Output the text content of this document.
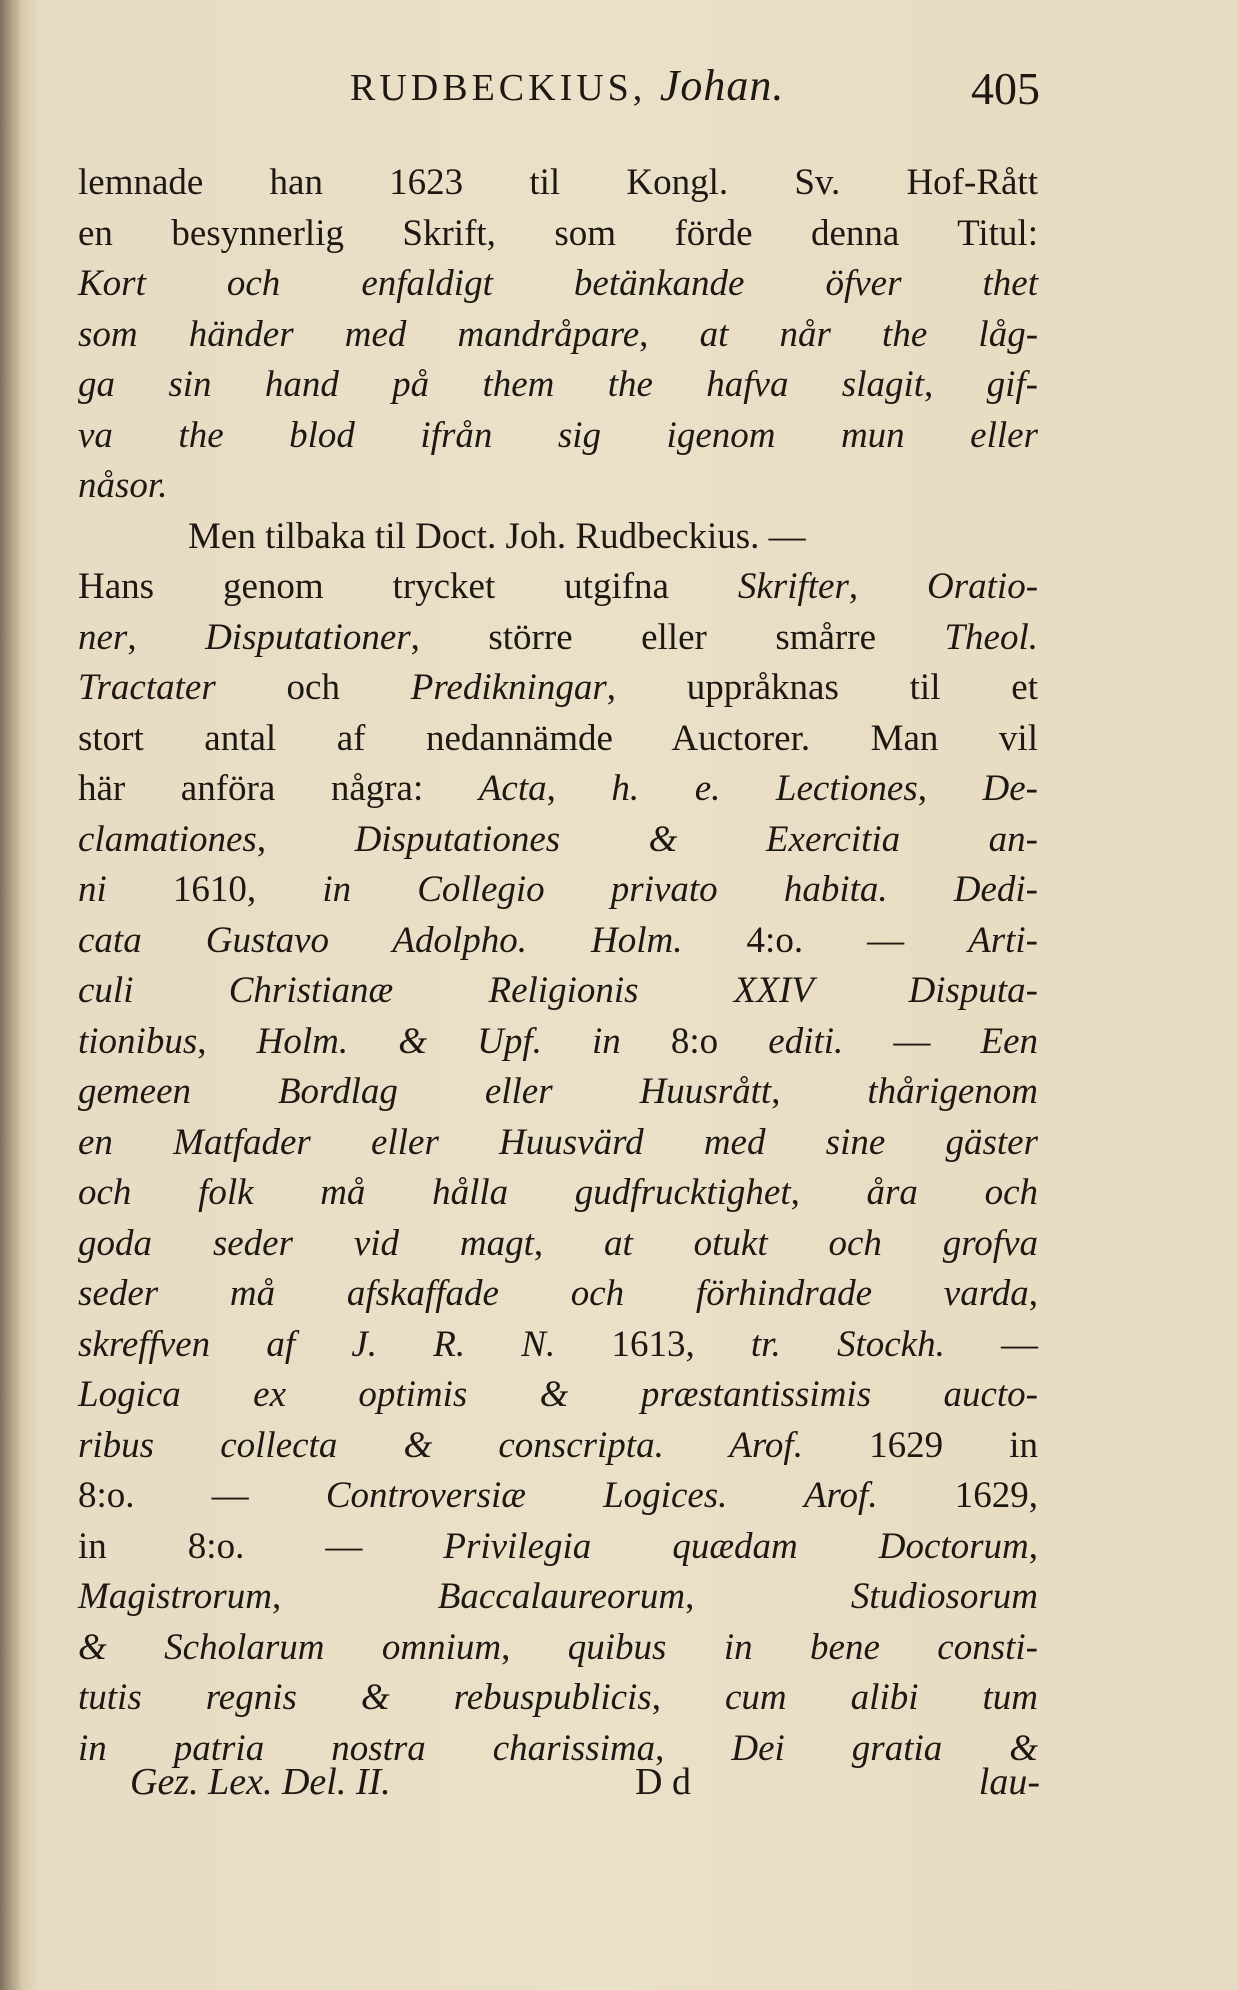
RUDBECKIUS, Johan.	405
lemnade han 1623 til Kongl. Sv. Hof-Rått
en besynnerlig Skrift, som förde denna Titul:
Kort och enfaldigt betänkande öfver thet
som händer med mandråpare, at når the låg-
ga sin hand på them the hafva slagit, gif-
va the blod ifrån sig igenom mun eller
nåsor.
Men tilbaka til Doct. Joh. Rudbeckius. —
Hans genom trycket utgifna Skrifter, Oratio-
ner, Disputationer, större eller smårre Theol.
Tractater och Predikningar, uppråknas til et
stort antal af nedannämde Auctorer. Man vil
här anföra några: Acta, h. e. Lectiones, De-
clamationes, Disputationes & Exercitia an-
ni 1610, in Collegio privato habita. Dedi-
cata Gustavo Adolpho. Holm. 4:o. — Arti-
culi Christianæ Religionis XXIV Disputa-
tionibus, Holm. & Upf. in 8:o editi. — Een
gemeen Bordlag eller Huusrått, thårigenom
en Matfader eller Huusvärd med sine gäster
och folk må hålla gudfrucktighet, åra och
goda seder vid magt, at otukt och grofva
seder må afskaffade och förhindrade varda,
skreffven af J. R. N. 1613, tr. Stockh. —
Logica ex optimis & præstantissimis aucto-
ribus collecta & conscripta. Arof. 1629 in
8:o. — Controversiæ Logices. Arof. 1629,
in 8:o. — Privilegia quædam Doctorum,
Magistrorum, Baccalaureorum, Studiosorum
& Scholarum omnium, quibus in bene consti-
tutis regnis & rebuspublicis, cum alibi tum
in patria nostra charissima, Dei gratia &
Gez. Lex. Del. II.	D d	lau-
